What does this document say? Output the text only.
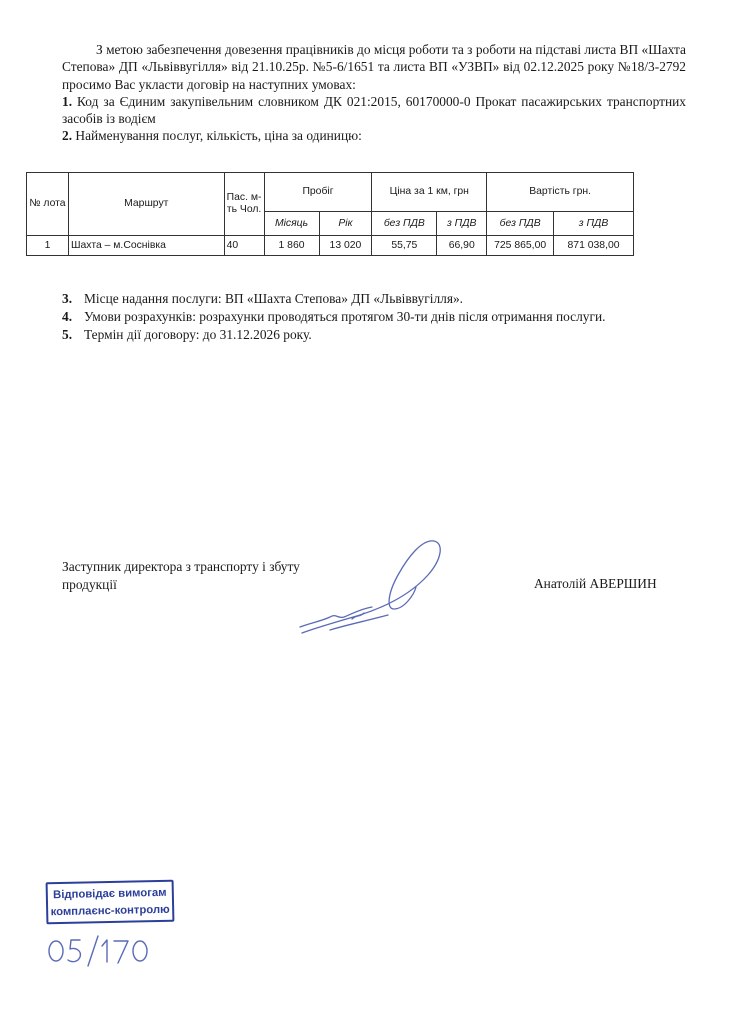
З метою забезпечення довезення працівників до місця роботи та з роботи на підставі листа ВП «Шахта Степова» ДП «Львіввугілля» від 21.10.25р. №5-6/1651 та листа ВП «УЗВП» від 02.12.2025 року №18/3-2792 просимо Вас укласти договір на наступних умовах:

1. Код за Єдиним закупівельним словником ДК 021:2015, 60170000-0 Прокат пасажирських транспортних засобів із водієм

2. Найменування послуг, кількість, ціна за одиницю:

№ лота	Маршрут	Пас. м-ть Чол.	Пробіг		Ціна за 1 км, грн		Вартість грн.	
			Місяць	Рік	без ПДВ	з ПДВ	без ПДВ	з ПДВ
1	Шахта – м.Соснівка	40	1 860	13 020	55,75	66,90	725 865,00	871 038,00
3. Місце надання послуги: ВП «Шахта Степова» ДП «Львіввугілля».
4. Умови розрахунків: розрахунки проводяться протягом 30-ти днів після отримання послуги.
5. Термін дії договору: до 31.12.2026 року.
Заступник директора з транспорту і збуту продукції	Анатолій АВЕРШИН
Відповідає вимогам
комплаєнс-контролю
